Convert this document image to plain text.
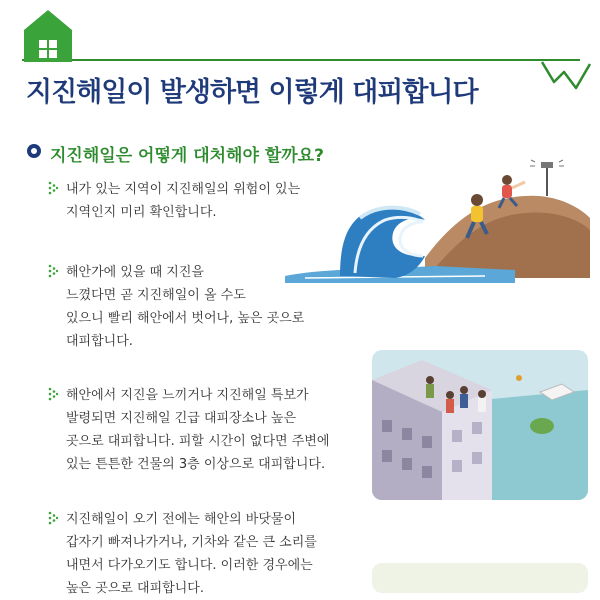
지진해일이 발생하면 이렇게 대피합니다
지진해일은 어떻게 대처해야 할까요?
내가 있는 지역이 지진해일의 위험이 있는
지역인지 미리 확인합니다.
해안가에 있을 때 지진을
느꼈다면 곧 지진해일이 올 수도
있으니 빨리 해안에서 벗어나, 높은 곳으로
대피합니다.
해안에서 지진을 느끼거나 지진해일 특보가
발령되면 지진해일 긴급 대피장소나 높은
곳으로 대피합니다. 피할 시간이 없다면 주변에
있는 튼튼한 건물의 3층 이상으로 대피합니다.
지진해일이 오기 전에는 해안의 바닷물이
갑자기 빠져나가거나, 기차와 같은 큰 소리를
내면서 다가오기도 합니다. 이러한 경우에는
높은 곳으로 대피합니다.
